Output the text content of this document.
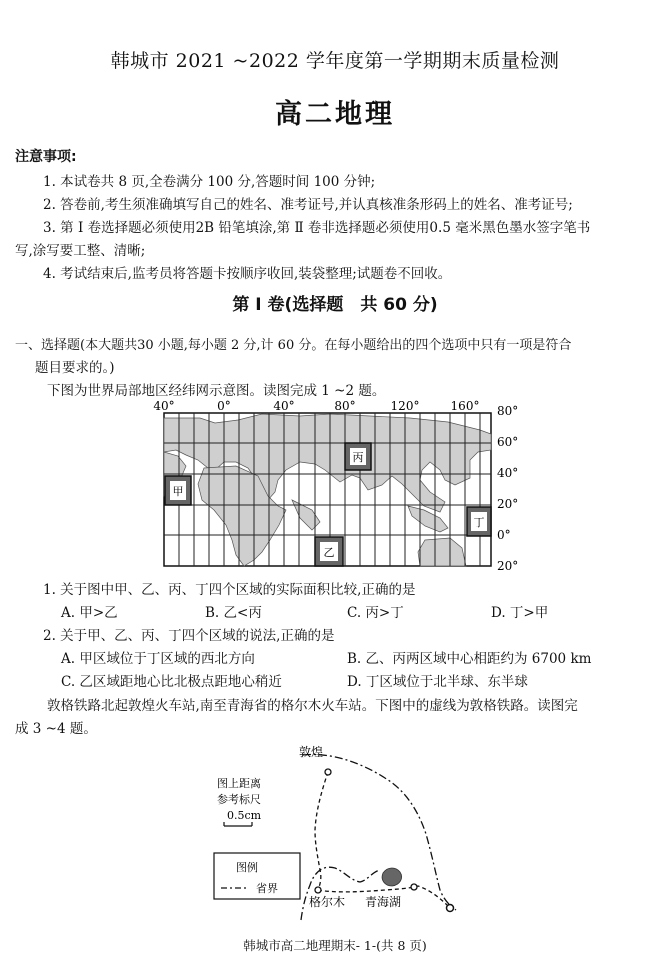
韩城市 2021 ~2022 学年度第一学期期末质量检测
高二地理
注意事项:
1. 本试卷共 8 页,全卷满分 100 分,答题时间 100 分钟;
2. 答卷前,考生须准确填写自己的姓名、准考证号,并认真核准条形码上的姓名、准考证号;
3. 第 Ⅰ 卷选择题必须使用2B 铅笔填涂,第 Ⅱ 卷非选择题必须使用0.5 毫米黑色墨水签字笔书
写,涂写要工整、清晰;
4. 考试结束后,监考员将答题卡按顺序收回,装袋整理;试题卷不回收。
第 Ⅰ 卷(选择题　共 60 分)
一、选择题(本大题共30 小题,每小题 2 分,计 60 分。在每小题给出的四个选项中只有一项是符合
题目要求的。)
下图为世界局部地区经纬网示意图。读图完成 1 ~2 题。
40°	0°	40°	80°	120°	160° 80°
60°
40°
20°
0°
20°
丙
甲
丁
乙
1. 关于图中甲、乙、丙、丁四个区域的实际面积比较,正确的是
A. 甲>乙	B. 乙<丙	C. 丙>丁	D. 丁>甲
2. 关于甲、乙、丙、丁四个区域的说法,正确的是
A. 甲区域位于丁区域的西北方向	B. 乙、丙两区域中心相距约为 6700 km
C. 乙区域距地心比北极点距地心稍近	D. 丁区域位于北半球、东半球
敦格铁路北起敦煌火车站,南至青海省的格尔木火车站。下图中的虚线为敦格铁路。读图完
成 3 ~4 题。
敦煌
格尔木 青海湖
图上距离
参考标尺
0.5cm
图例
省界
韩城市高二地理期末- 1-(共 8 页)
